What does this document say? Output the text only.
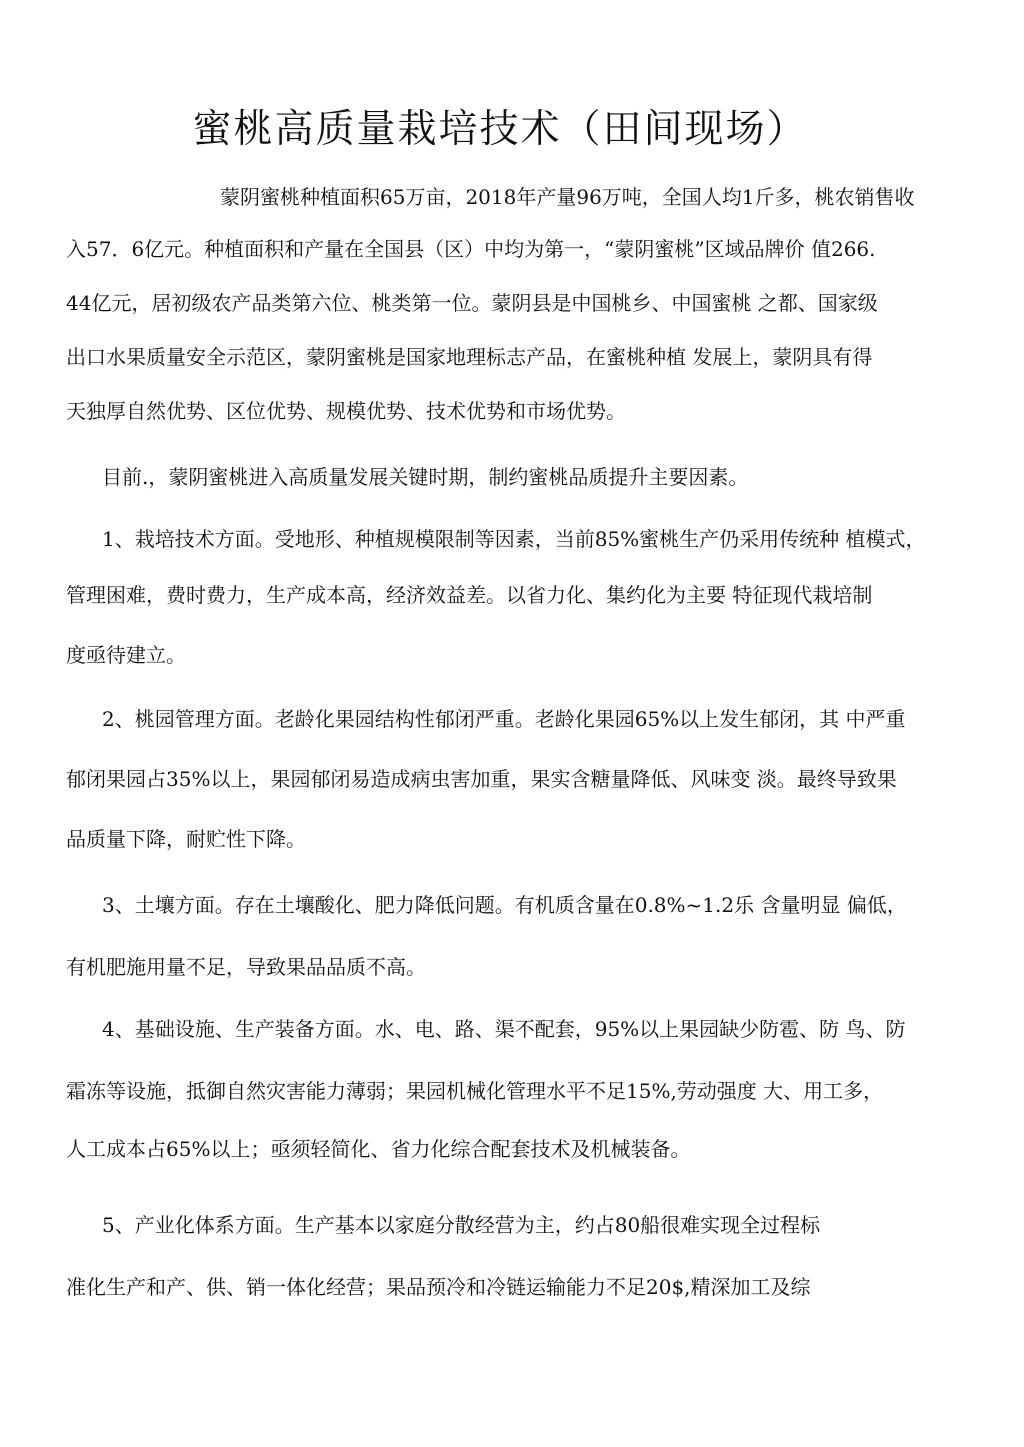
蜜桃高质量栽培技术（田间现场）

蒙阴蜜桃种植面积65万亩，2018年产量96万吨，全国人均1斤多，桃农销售收

入57．6亿元。种植面积和产量在全国县（区）中均为第一，“蒙阴蜜桃”区域品牌价 值266.

44亿元，居初级农产品类第六位、桃类第一位。蒙阴县是中国桃乡、中国蜜桃 之都、国家级

出口水果质量安全示范区，蒙阴蜜桃是国家地理标志产品，在蜜桃种植 发展上，蒙阴具有得

天独厚自然优势、区位优势、规模优势、技术优势和市场优势。

目前.，蒙阴蜜桃进入高质量发展关键时期，制约蜜桃品质提升主要因素。

1、栽培技术方面。受地形、种植规模限制等因素，当前85%蜜桃生产仍采用传统种 植模式，

管理困难，费时费力，生产成本高，经济效益差。以省力化、集约化为主要 特征现代栽培制

度亟待建立。

2、桃园管理方面。老龄化果园结构性郁闭严重。老龄化果园65%以上发生郁闭，其 中严重

郁闭果园占35%以上，果园郁闭易造成病虫害加重，果实含糖量降低、风味变 淡。最终导致果

品质量下降，耐贮性下降。

3、土壤方面。存在土壤酸化、肥力降低问题。有机质含量在0.8%~1.2乐 含量明显 偏低，

有机肥施用量不足，导致果品品质不高。

4、基础设施、生产装备方面。水、电、路、渠不配套，95%以上果园缺少防雹、防 鸟、防

霜冻等设施，抵御自然灾害能力薄弱；果园机械化管理水平不足15%,劳动强度 大、用工多，

人工成本占65%以上；亟须轻简化、省力化综合配套技术及机械装备。

5、产业化体系方面。生产基本以家庭分散经营为主，约占80船很难实现全过程标

准化生产和产、供、销一体化经营；果品预冷和冷链运输能力不足20$,精深加工及综
